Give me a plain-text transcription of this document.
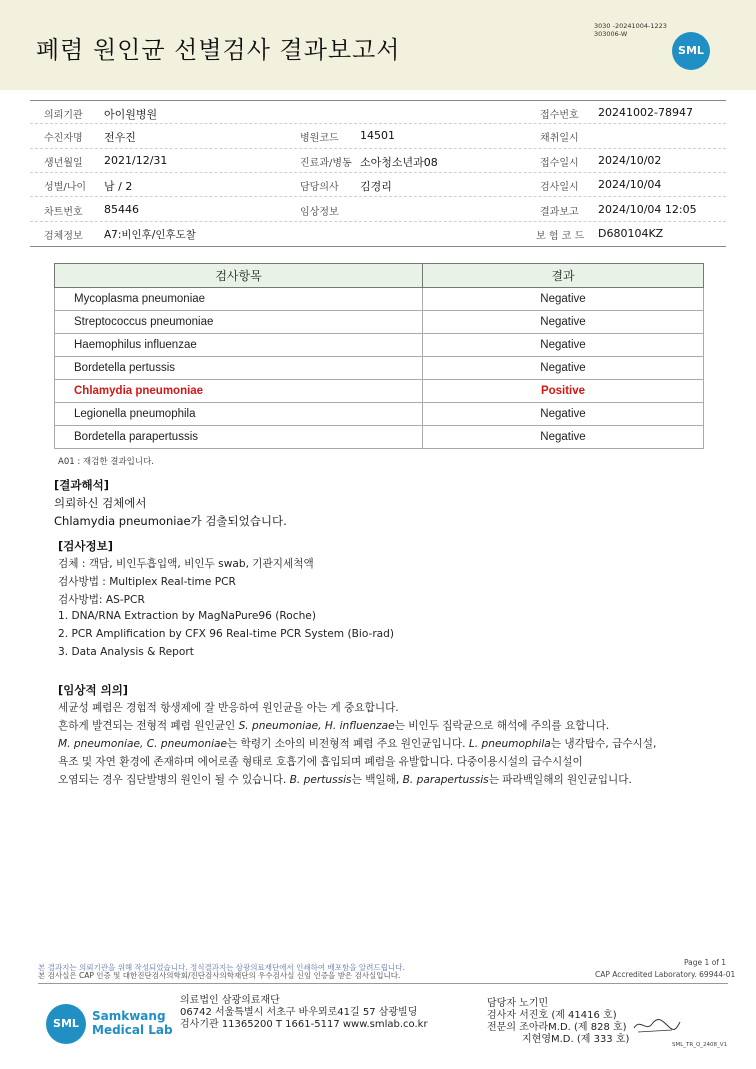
폐렴 원인균 선별검사 결과보고서
3030 -20241004-1223
303006-W
SML
의뢰기관 아이원병원	접수번호 20241002-78947
수진자명 전우진	병원코드 14501	채취일시
생년월일 2021/12/31	진료과/병동 소아청소년과08	접수일시 2024/10/02
성별/나이 남 / 2	담당의사 김경리	검사일시 2024/10/04
차트번호 85446	임상정보	결과보고 2024/10/04 12:05
검체정보 A7:비인후/인후도찰	보 험 코 드 D680104KZ
검사항목	결과
Mycoplasma pneumoniae	Negative
Streptococcus pneumoniae	Negative
Haemophilus influenzae	Negative
Bordetella pertussis	Negative
Chlamydia pneumoniae	Positive
Legionella pneumophila	Negative
Bordetella parapertussis	Negative
A01 : 재검한 결과입니다.
[결과해석]
의뢰하신 검체에서
Chlamydia pneumoniae가 검출되었습니다.
[검사정보]
검체 : 객담, 비인두흡입액, 비인두 swab, 기관지세척액
검사방법 : Multiplex Real-time PCR
검사방법: AS-PCR
1. DNA/RNA Extraction by MagNaPure96 (Roche)
2. PCR Amplification by CFX 96 Real-time PCR System (Bio-rad)
3. Data Analysis & Report
[임상적 의의]
세균성 폐렴은 경험적 항생제에 잘 반응하여 원인균을 아는 게 중요합니다.
흔하게 발견되는 전형적 폐렴 원인균인 S. pneumoniae, H. influenzae는 비인두 집락균으로 해석에 주의를 요합니다.
M. pneumoniae, C. pneumoniae는 학령기 소아의 비전형적 폐렴 주요 원인균입니다. L. pneumophila는 냉각탑수, 급수시설,
욕조 및 자연 환경에 존재하며 에어로졸 형태로 호흡기에 흡입되며 폐렴을 유발합니다. 다중이용시설의 급수시설이
오염되는 경우 집단발병의 원인이 될 수 있습니다. B. pertussis는 백일해, B. parapertussis는 파라백일해의 원인균입니다.
본 결과지는 의뢰기관을 위해 작성되었습니다. 정식결과지는 삼광의료재단에서 인쇄하여 배포함을 알려드립니다.
본 검사실은 CAP 인증 및 대한진단검사의학회/진단검사의학재단의 우수검사실 신임 인증을 받은 검사실입니다.
Page 1 of 1
CAP Accredited Laboratory. 69944-01
SML
Samkwang
Medical Lab
의료법인 삼광의료재단
06742 서울특별시 서초구 바우뫼로41길 57 삼광빌딩
검사기관 11365200 T 1661-5117 www.smlab.co.kr
담당자 노기민
검사자 서진호 (제 41416 호)
전문의 조아라M.D. (제 828 호)
지현영M.D. (제 333 호)	SML_TR_Q_2408_V1
